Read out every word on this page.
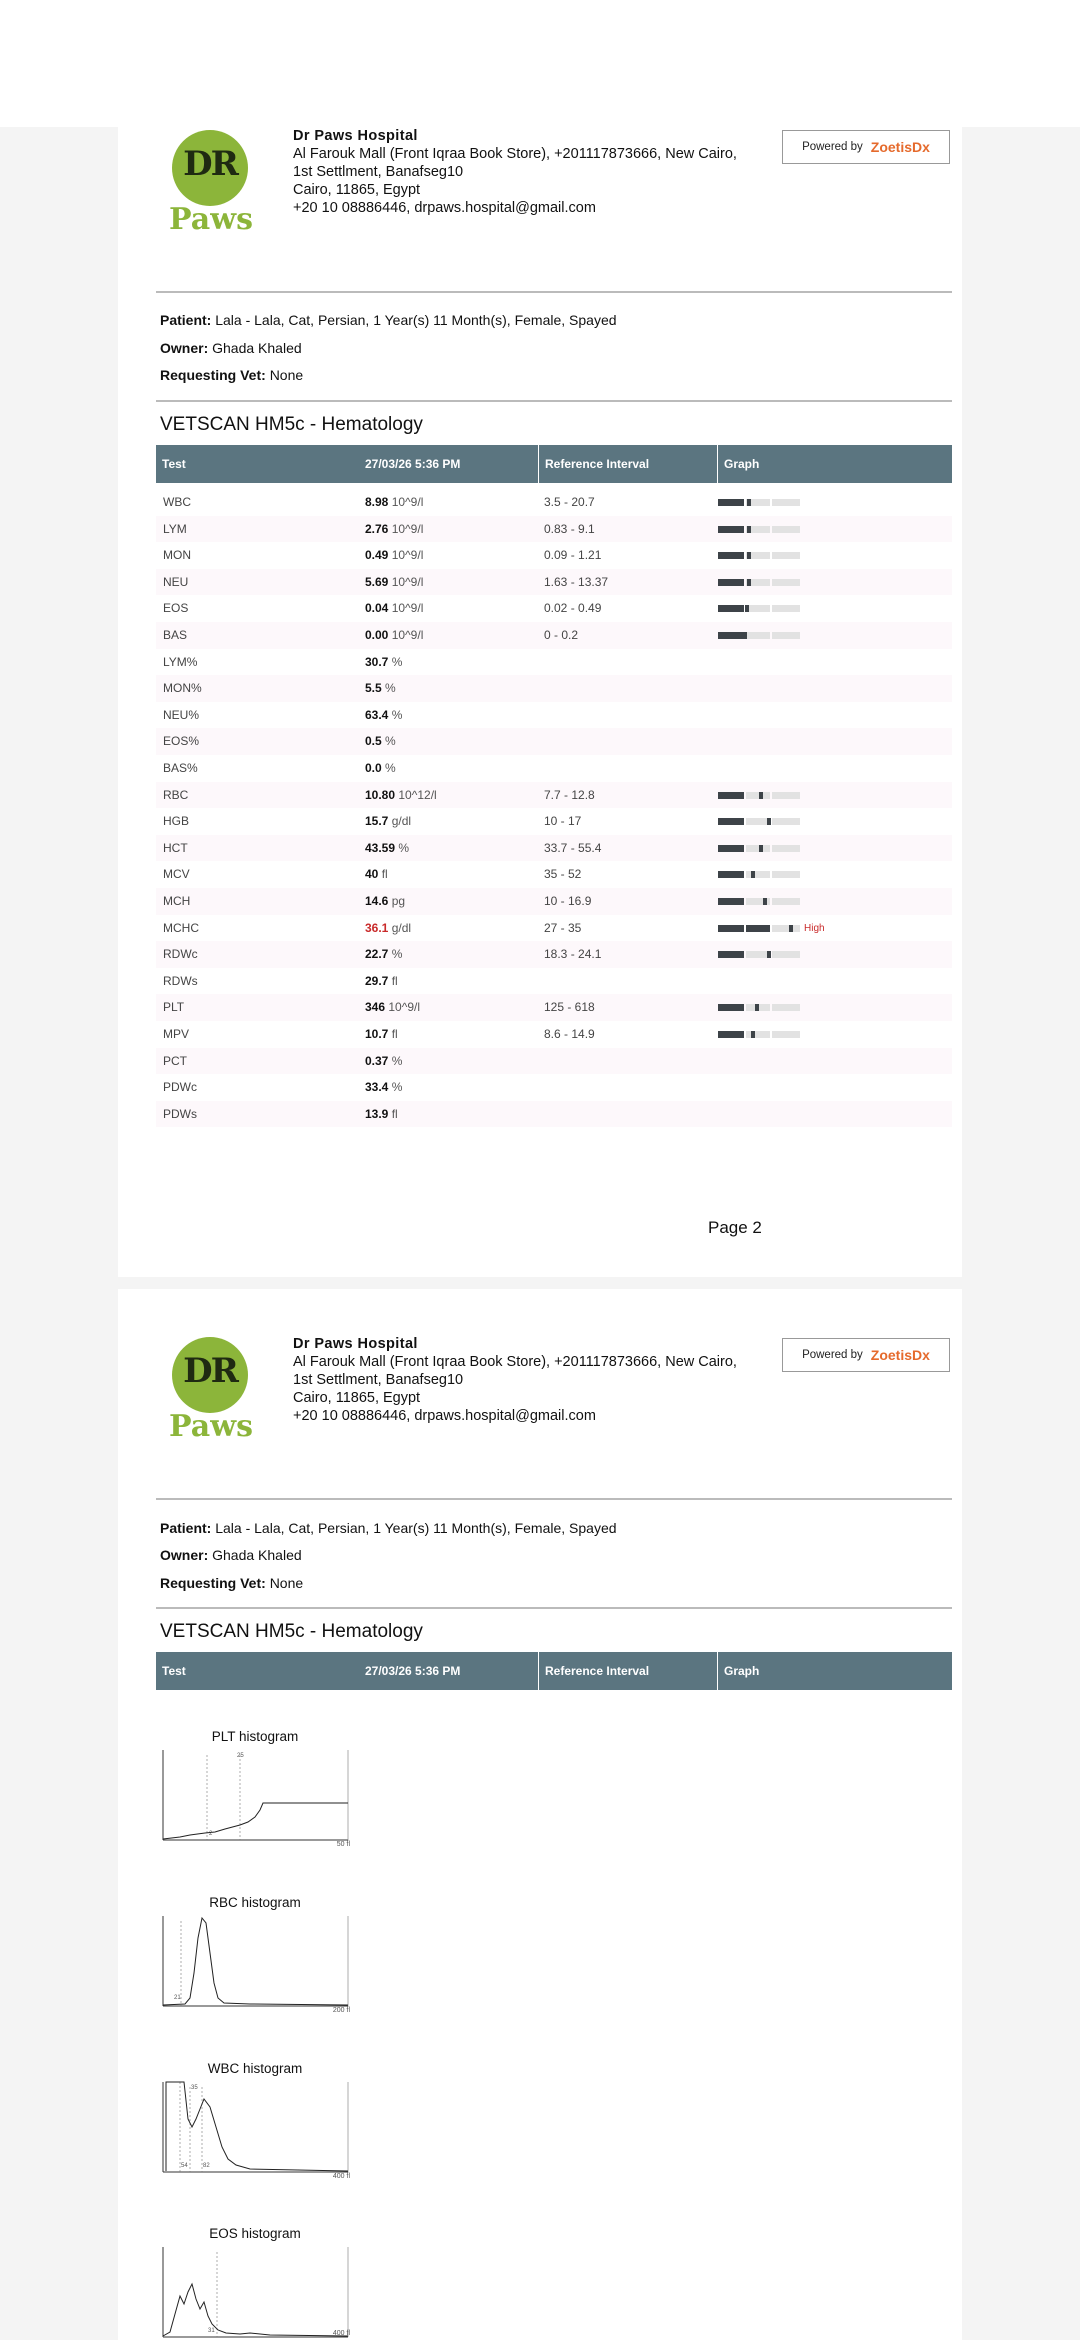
DR
Paws
Dr Paws Hospital
Al Farouk Mall (Front Iqraa Book Store), +201117873666, New Cairo,
1st Settlment, Banafseg10
Cairo, 11865, Egypt
+20 10 08886446, drpaws.hospital@gmail.com
Powered by ZoetisDx
Patient: Lala - Lala, Cat, Persian, 1 Year(s) 11 Month(s), Female, Spayed
Owner: Ghada Khaled
Requesting Vet: None
VETSCAN HM5c - Hematology
Test	27/03/26 5:36 PM	Reference Interval	Graph
WBC	8.98 10^9/l	3.5 - 20.7
LYM	2.76 10^9/l	0.83 - 9.1
MON	0.49 10^9/l	0.09 - 1.21
NEU	5.69 10^9/l	1.63 - 13.37
EOS	0.04 10^9/l	0.02 - 0.49
BAS	0.00 10^9/l	0 - 0.2
LYM%	30.7 %
MON%	5.5 %
NEU%	63.4 %
EOS%	0.5 %
BAS%	0.0 %
RBC	10.80 10^12/l	7.7 - 12.8
HGB	15.7 g/dl	10 - 17
HCT	43.59 %	33.7 - 55.4
MCV	40 fl	35 - 52
MCH	14.6 pg	10 - 16.9
MCHC	36.1 g/dl	27 - 35	High
RDWc	22.7 %	18.3 - 24.1
RDWs	29.7 fl
PLT	346 10^9/l	125 - 618
MPV	10.7 fl	8.6 - 14.9
PCT	0.37 %
PDWc	33.4 %
PDWs	13.9 fl
Page 2
DR
Paws
Dr Paws Hospital
Al Farouk Mall (Front Iqraa Book Store), +201117873666, New Cairo,
1st Settlment, Banafseg10
Cairo, 11865, Egypt
+20 10 08886446, drpaws.hospital@gmail.com
Powered by ZoetisDx
Patient: Lala - Lala, Cat, Persian, 1 Year(s) 11 Month(s), Female, Spayed
Owner: Ghada Khaled
Requesting Vet: None
VETSCAN HM5c - Hematology
Test	27/03/26 5:36 PM	Reference Interval	Graph
PLT histogram
25
2
50 fl
RBC histogram
21
200 fl
WBC histogram
35
54	82
400 fl
EOS histogram
31	400 fl
